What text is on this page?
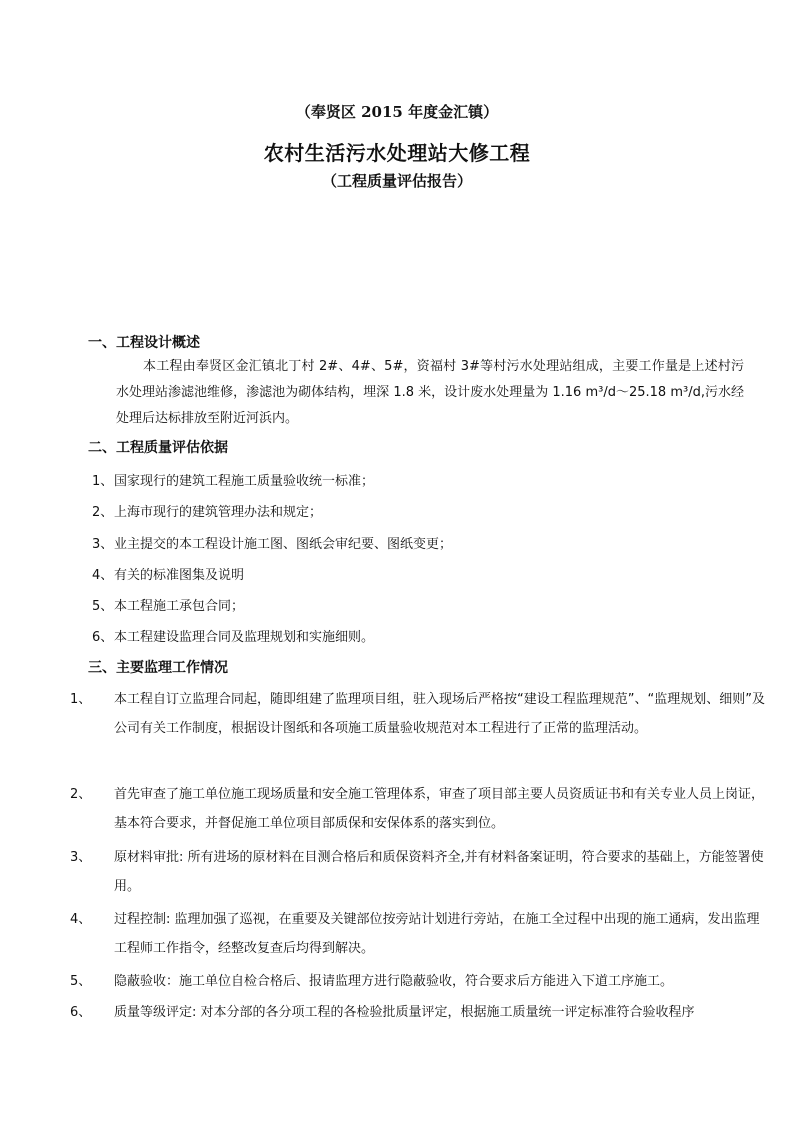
（奉贤区 2015 年度金汇镇）
农村生活污水处理站大修工程
（工程质量评估报告）
一、工程设计概述
本工程由奉贤区金汇镇北丁村 2#、4#、5#，资福村 3#等村污水处理站组成，主要工作量是上述村污水处理站渗滤池维修，渗滤池为砌体结构，埋深 1.8 米，设计废水处理量为 1.16 m³/d～25.18 m³/d,污水经处理后达标排放至附近河浜内。
二、工程质量评估依据
1、国家现行的建筑工程施工质量验收统一标准；
2、上海市现行的建筑管理办法和规定；
3、业主提交的本工程设计施工图、图纸会审纪要、图纸变更；
4、有关的标准图集及说明
5、本工程施工承包合同；
6、本工程建设监理合同及监理规划和实施细则。
三、主要监理工作情况
1、 本工程自订立监理合同起，随即组建了监理项目组，驻入现场后严格按“建设工程监理规范”、“监理规划、细则”及公司有关工作制度，根据设计图纸和各项施工质量验收规范对本工程进行了正常的监理活动。
2、 首先审查了施工单位施工现场质量和安全施工管理体系，审查了项目部主要人员资质证书和有关专业人员上岗证，基本符合要求，并督促施工单位项目部质保和安保体系的落实到位。
3、 原材料审批: 所有进场的原材料在目测合格后和质保资料齐全,并有材料备案证明，符合要求的基础上，方能签署使用。
4、 过程控制: 监理加强了巡视，在重要及关键部位按旁站计划进行旁站，在施工全过程中出现的施工通病，发出监理工程师工作指令，经整改复查后均得到解决。
5、 隐蔽验收：施工单位自检合格后、报请监理方进行隐蔽验收，符合要求后方能进入下道工序施工。
6、 质量等级评定: 对本分部的各分项工程的各检验批质量评定，根据施工质量统一评定标准符合验收程序
